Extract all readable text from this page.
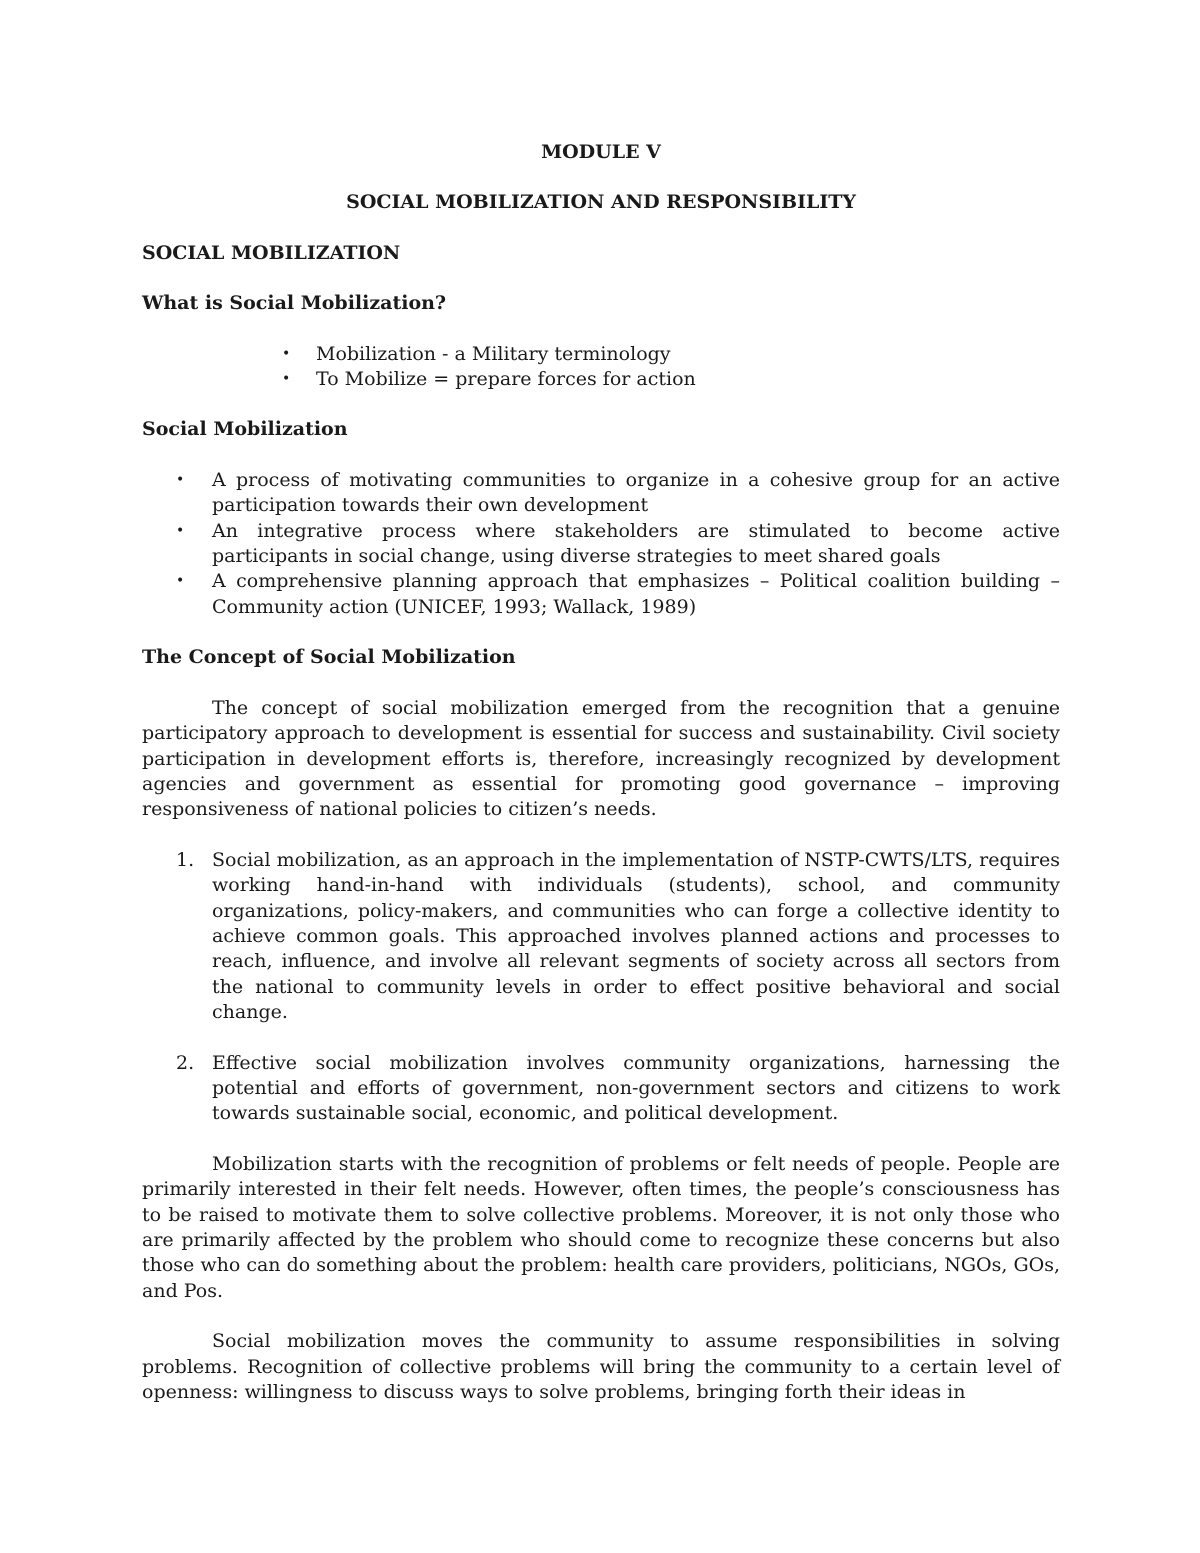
MODULE V

SOCIAL MOBILIZATION AND RESPONSIBILITY

SOCIAL MOBILIZATION

What is Social Mobilization?

• Mobilization - a Military terminology
• To Mobilize = prepare forces for action

Social Mobilization

• A process of motivating communities to organize in a cohesive group for an active participation towards their own development
• An integrative process where stakeholders are stimulated to become active participants in social change, using diverse strategies to meet shared goals
• A comprehensive planning approach that emphasizes – Political coalition building – Community action (UNICEF, 1993; Wallack, 1989)

The Concept of Social Mobilization

The concept of social mobilization emerged from the recognition that a genuine participatory approach to development is essential for success and sustainability. Civil society participation in development efforts is, therefore, increasingly recognized by development agencies and government as essential for promoting good governance – improving responsiveness of national policies to citizen’s needs.

1. Social mobilization, as an approach in the implementation of NSTP-CWTS/LTS, requires working hand-in-hand with individuals (students), school, and community organizations, policy-makers, and communities who can forge a collective identity to achieve common goals. This approached involves planned actions and processes to reach, influence, and involve all relevant segments of society across all sectors from the national to community levels in order to effect positive behavioral and social change.
2. Effective social mobilization involves community organizations, harnessing the potential and efforts of government, non-government sectors and citizens to work towards sustainable social, economic, and political development.

Mobilization starts with the recognition of problems or felt needs of people. People are primarily interested in their felt needs. However, often times, the people’s consciousness has to be raised to motivate them to solve collective problems. Moreover, it is not only those who are primarily affected by the problem who should come to recognize these concerns but also those who can do something about the problem: health care providers, politicians, NGOs, GOs, and Pos.

Social mobilization moves the community to assume responsibilities in solving problems. Recognition of collective problems will bring the community to a certain level of openness: willingness to discuss ways to solve problems, bringing forth their ideas in
